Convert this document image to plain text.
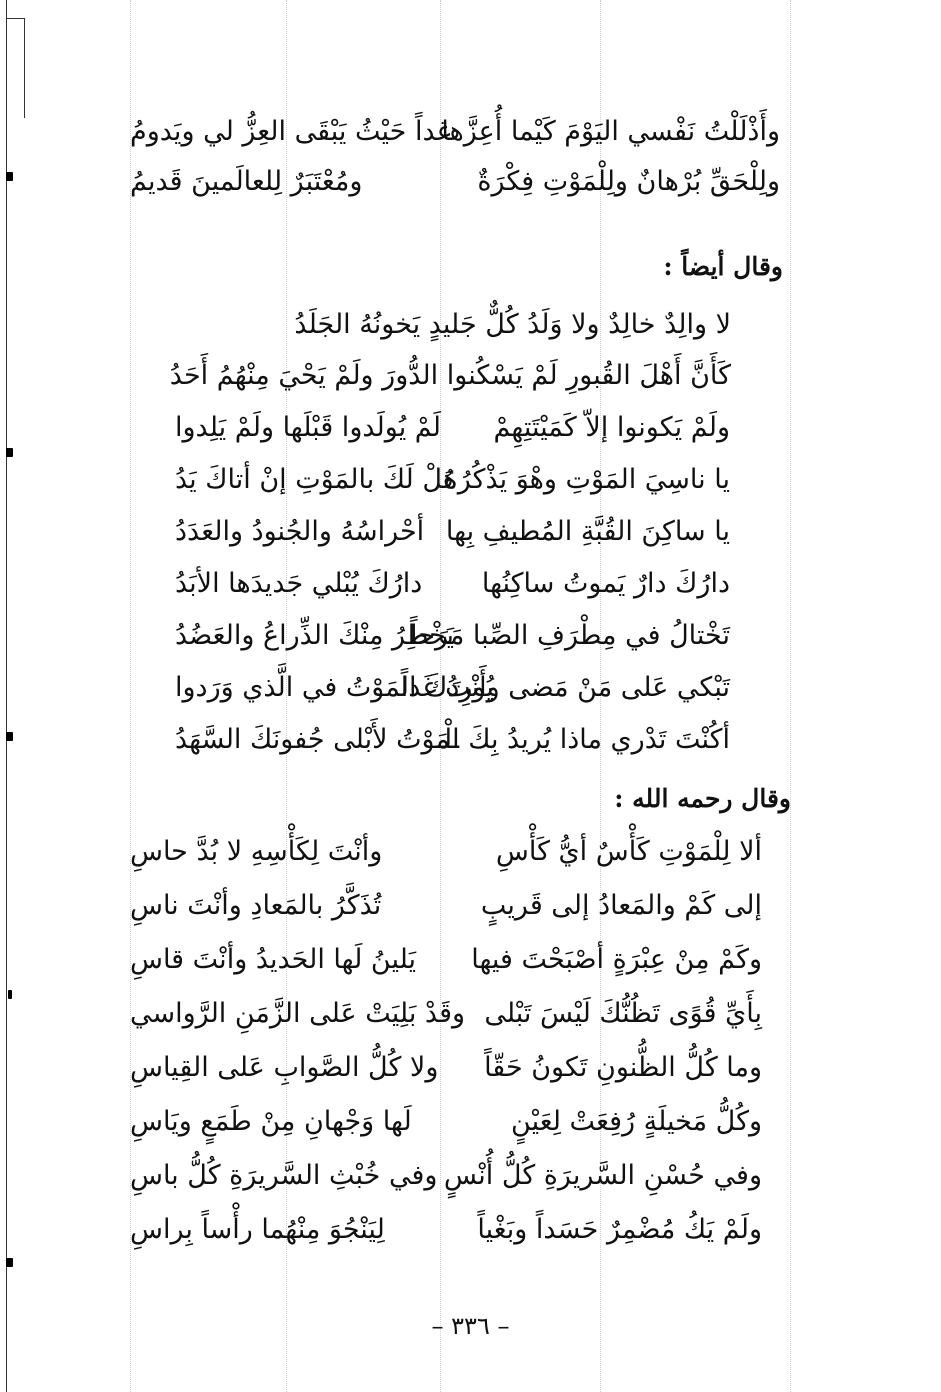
وأَذْلَلْتُ نَفْسي اليَوْمَ كَيْما أُعِزَّها
غداً حَيْثُ يَبْقَى العِزُّ لي ويَدومُ
ولِلْحَقِّ بُرْهانٌ ولِلْمَوْتِ فِكْرَةٌ
ومُعْتَبَرٌ لِلعالَمينَ قَديمُ
وقال أيضاً :
لا والِدٌ خالِدٌ ولا وَلَدُ كُلٌّ جَليدٍ يَخونُهُ الجَلَدُ
كَأَنَّ أَهْلَ القُبورِ لَمْ يَسْكُنوا الدُّورَ ولَمْ يَحْيَ مِنْهُمُ أَحَدُ
ولَمْ يَكونوا إلاّ كَمَيْتَتِهِمْ
لَمْ يُولَدوا قَبْلَها ولَمْ يَلِدوا
يا ناسِيَ المَوْتِ وهْوَ يَذْكُرُهُ
هَلْ لَكَ بالمَوْتِ إنْ أتاكَ يَدُ
يا ساكِنَ القُبَّةِ المُطيفِ بِها
أحْراسُهُ والجُنودُ والعَدَدُ
دارُكَ دارٌ يَموتُ ساكِنُها
دارُكَ يُبْلي جَديدَها الأبَدُ
تَخْتالُ في مِطْرَفِ الصِّبا مَرَحاً
يَخْطِرُ مِنْكَ الذِّراعُ والعَضُدُ
تَبْكي عَلى مَنْ مَضى وأَنْتَ غَداً
يُورِدُكَ المَوْتُ في الَّذي وَرَدوا
أكُنْتَ تَدْري ماذا يُريدُ بِكَ الْـ
ـمَوْتُ لأَبْلى جُفونَكَ السَّهَدُ
وقال رحمه الله :
ألا لِلْمَوْتِ كَأْسٌ أيُّ كَأْسِ
وأنْتَ لِكَأْسِهِ لا بُدَّ حاسِ
إلى كَمْ والمَعادُ إلى قَريبٍ
تُذَكَّرُ بالمَعادِ وأنْتَ ناسِ
وكَمْ مِنْ عِبْرَةٍ أصْبَحْتَ فيها
يَلينُ لَها الحَديدُ وأنْتَ قاسِ
بِأَيِّ قُوًى تَظُنُّكَ لَيْسَ تَبْلى
وقَدْ بَلِيَتْ عَلى الزَّمَنِ الرَّواسي
وما كُلُّ الظُّنونِ تَكونُ حَقّاً
ولا كُلُّ الصَّوابِ عَلى القِياسِ
وكُلُّ مَخيلَةٍ رُفِعَتْ لِعَيْنٍ
لَها وَجْهانِ مِنْ طَمَعٍ ويَاسِ
وفي حُسْنِ السَّريرَةِ كُلُّ أُنْسٍ
وفي خُبْثِ السَّريرَةِ كُلُّ باسِ
ولَمْ يَكُ مُضْمِرٌ حَسَداً وبَغْياً
لِيَنْجُوَ مِنْهُما رأْساً بِراسِ
– ٣٣٦ –
